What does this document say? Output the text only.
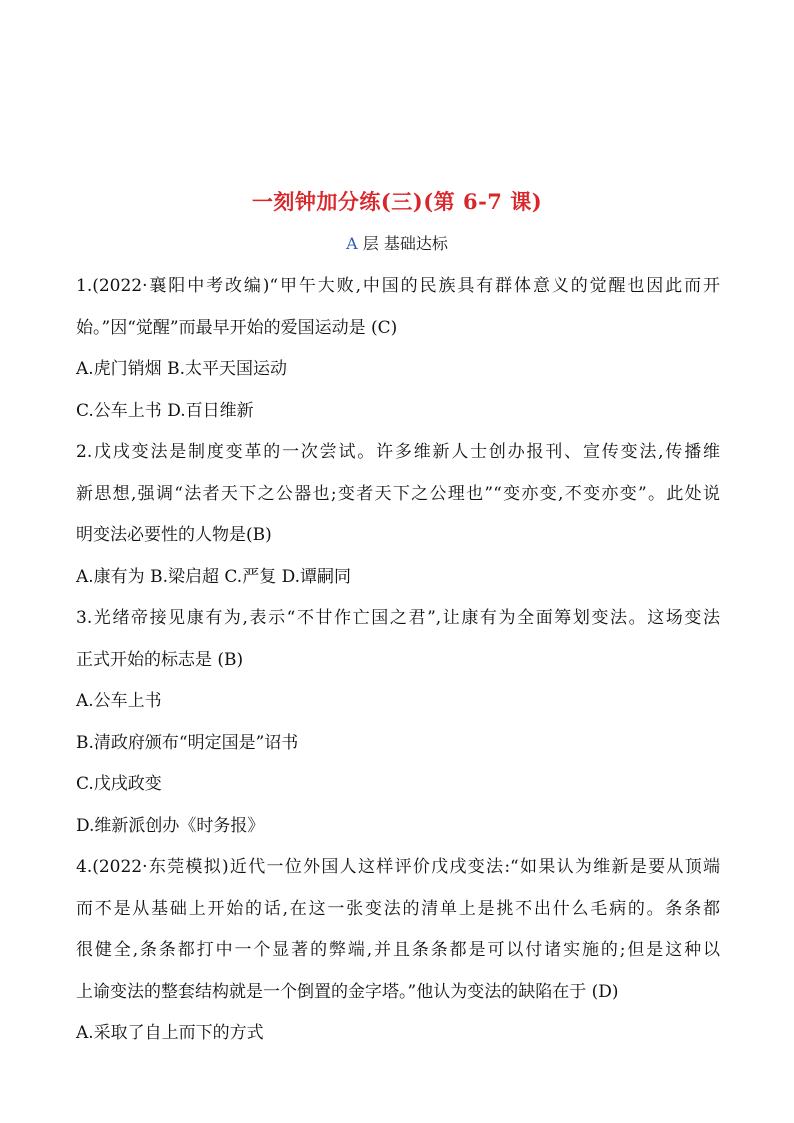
一刻钟加分练(三)(第 6-7 课)
A 层 基础达标
1.(2022·襄阳中考改编)“甲午大败,中国的民族具有群体意义的觉醒也因此而开
始。”因“觉醒”而最早开始的爱国运动是 (C)
A.虎门销烟 B.太平天国运动
C.公车上书 D.百日维新
2.戊戌变法是制度变革的一次尝试。许多维新人士创办报刊、宣传变法,传播维
新思想,强调“法者天下之公器也;变者天下之公理也”“变亦变,不变亦变”。此处说
明变法必要性的人物是(B)
A.康有为 B.梁启超 C.严复 D.谭嗣同
3.光绪帝接见康有为,表示“不甘作亡国之君”,让康有为全面筹划变法。这场变法
正式开始的标志是 (B)
A.公车上书
B.清政府颁布“明定国是”诏书
C.戊戌政变
D.维新派创办《时务报》
4.(2022·东莞模拟)近代一位外国人这样评价戊戌变法:“如果认为维新是要从顶端
而不是从基础上开始的话,在这一张变法的清单上是挑不出什么毛病的。条条都
很健全,条条都打中一个显著的弊端,并且条条都是可以付诸实施的;但是这种以
上谕变法的整套结构就是一个倒置的金字塔。”他认为变法的缺陷在于 (D)
A.采取了自上而下的方式
